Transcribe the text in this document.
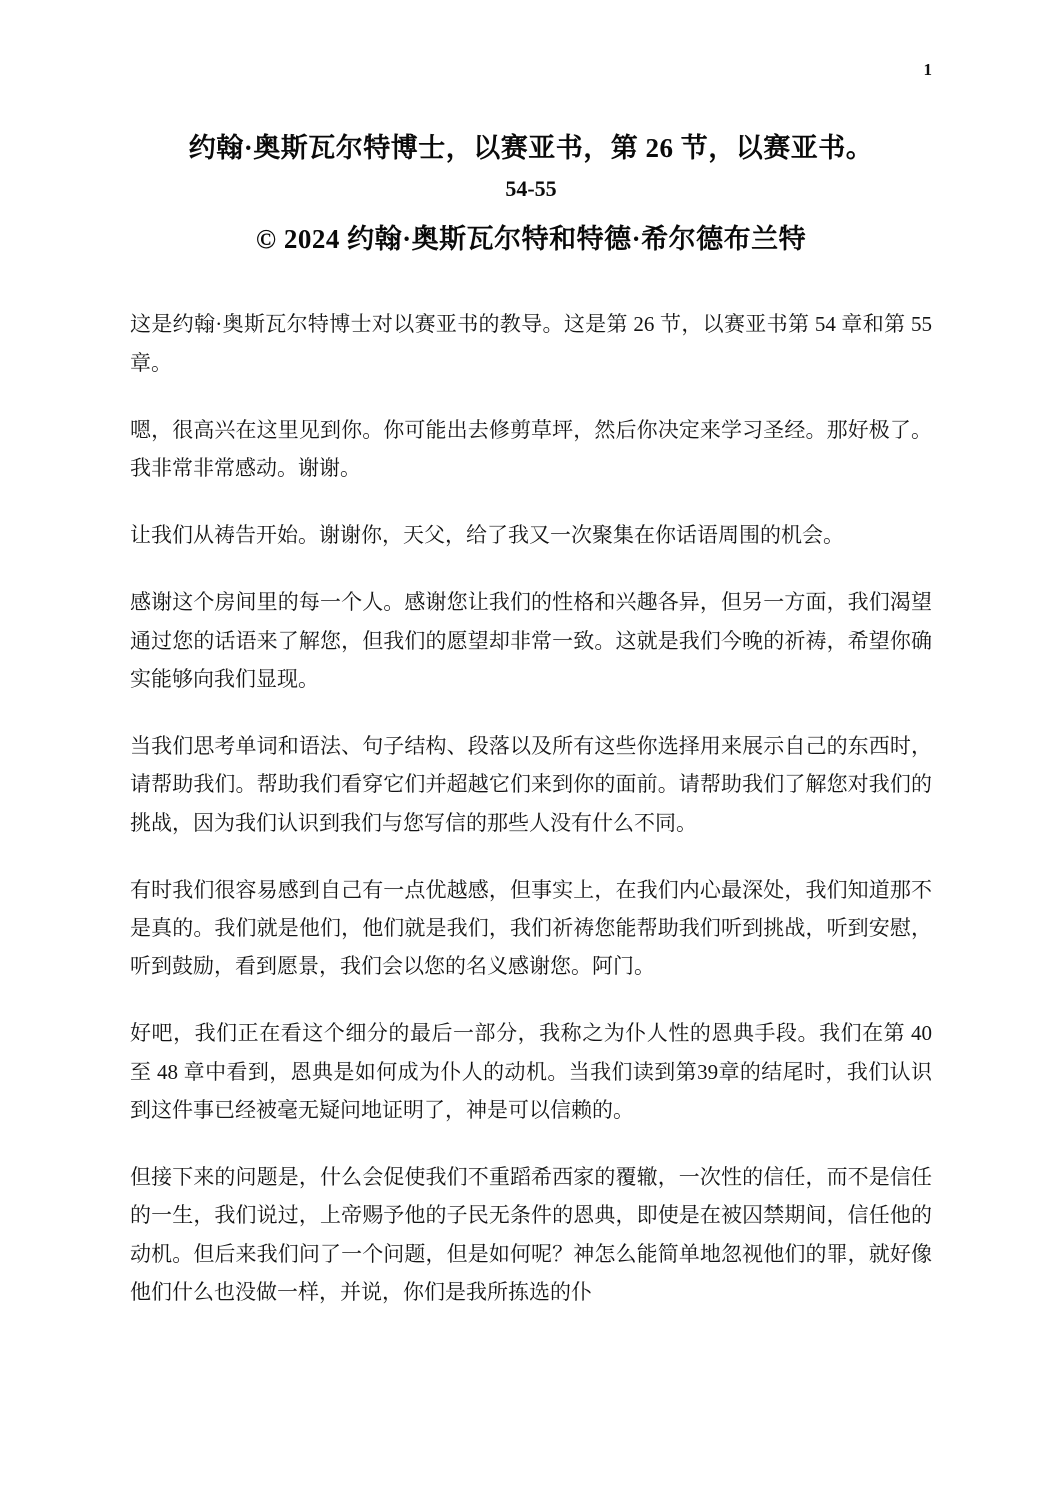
1
约翰·奥斯瓦尔特博士，以赛亚书，第 26 节，以赛亚书。
54-55
© 2024 约翰·奥斯瓦尔特和特德·希尔德布兰特

这是约翰·奥斯瓦尔特博士对以赛亚书的教导。这是第 26 节，以赛亚书第 54 章和第 55 章。

嗯，很高兴在这里见到你。你可能出去修剪草坪，然后你决定来学习圣经。那好极了。我非常非常感动。谢谢。

让我们从祷告开始。谢谢你，天父，给了我又一次聚集在你话语周围的机会。

感谢这个房间里的每一个人。感谢您让我们的性格和兴趣各异，但另一方面，我们渴望通过您的话语来了解您，但我们的愿望却非常一致。这就是我们今晚的祈祷，希望你确实能够向我们显现。

当我们思考单词和语法、句子结构、段落以及所有这些你选择用来展示自己的东西时，请帮助我们。帮助我们看穿它们并超越它们来到你的面前。请帮助我们了解您对我们的挑战，因为我们认识到我们与您写信的那些人没有什么不同。

有时我们很容易感到自己有一点优越感，但事实上，在我们内心最深处，我们知道那不是真的。我们就是他们，他们就是我们，我们祈祷您能帮助我们听到挑战，听到安慰，听到鼓励，看到愿景，我们会以您的名义感谢您。阿门。

好吧，我们正在看这个细分的最后一部分，我称之为仆人性的恩典手段。我们在第 40 至 48 章中看到，恩典是如何成为仆人的动机。当我们读到第39章的结尾时，我们认识到这件事已经被毫无疑问地证明了，神是可以信赖的。

但接下来的问题是，什么会促使我们不重蹈希西家的覆辙，一次性的信任，而不是信任的一生，我们说过，上帝赐予他的子民无条件的恩典，即使是在被囚禁期间，信任他的动机。但后来我们问了一个问题，但是如何呢？神怎么能简单地忽视他们的罪，就好像他们什么也没做一样，并说，你们是我所拣选的仆
